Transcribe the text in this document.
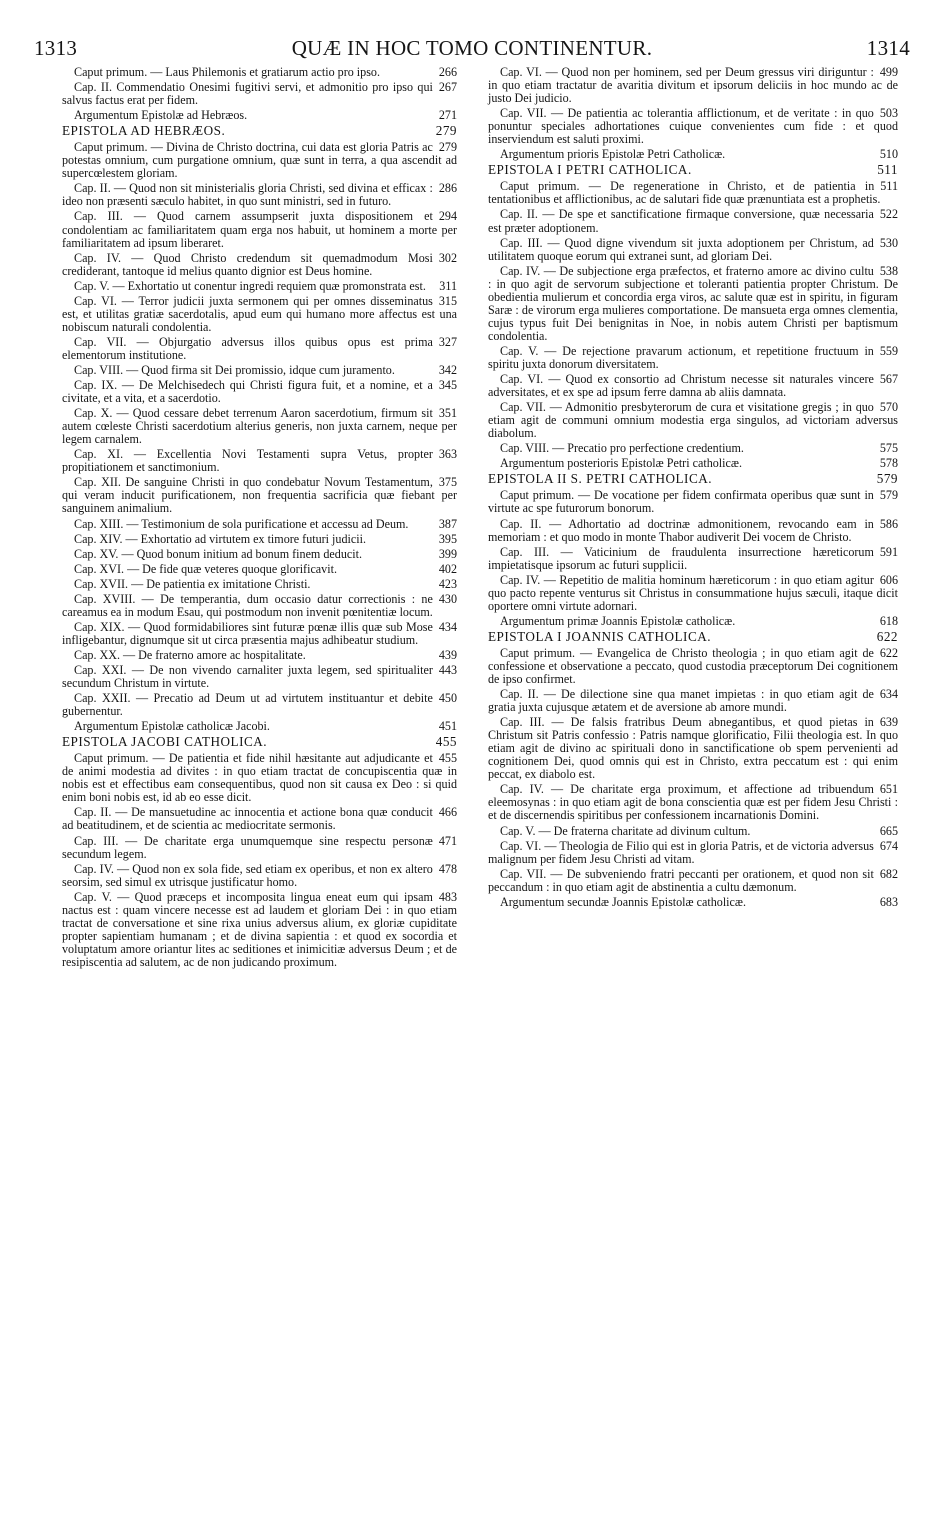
1313	QUÆ IN HOC TOMO CONTINENTUR.	1314
266
Caput primum. — Laus Philemonis et gratiarum actio pro ipso.
267
Cap. II. Commendatio Onesimi fugitivi servi, et admonitio pro ipso qui salvus factus erat per fidem.
271
Argumentum Epistolæ ad Hebræos.
279
EPISTOLA AD HEBRÆOS.
279
Caput primum. — Divina de Christo doctrina, cui data est gloria Patris ac potestas omnium, cum purgatione omnium, quæ sunt in terra, a qua ascendit ad supercœlestem gloriam.
286
Cap. II. — Quod non sit ministerialis gloria Christi, sed divina et efficax : ideo non præsenti sæculo habitet, in quo sunt ministri, sed in futuro.
294
Cap. III. — Quod carnem assumpserit juxta dispositionem et condolentiam ac familiaritatem quam erga nos habuit, ut hominem a morte per familiaritatem ad ipsum liberaret.
302
Cap. IV. — Quod Christo credendum sit quemadmodum Mosi crediderant, tantoque id melius quanto dignior est Deus homine.
311
Cap. V. — Exhortatio ut conentur ingredi requiem quæ promonstrata est.
315
Cap. VI. — Terror judicii juxta sermonem qui per omnes disseminatus est, et utilitas gratiæ sacerdotalis, apud eum qui humano more affectus est una nobiscum naturali condolentia.
327
Cap. VII. — Objurgatio adversus illos quibus opus est prima elementorum institutione.
342
Cap. VIII. — Quod firma sit Dei promissio, idque cum juramento.
345
Cap. IX. — De Melchisedech qui Christi figura fuit, et a nomine, et a civitate, et a vita, et a sacerdotio.
351
Cap. X. — Quod cessare debet terrenum Aaron sacerdotium, firmum sit autem cœleste Christi sacerdotium alterius generis, non juxta carnem, neque per legem carnalem.
363
Cap. XI. — Excellentia Novi Testamenti supra Vetus, propter propitiationem et sanctimonium.
375
Cap. XII. De sanguine Christi in quo condebatur Novum Testamentum, qui veram inducit purificationem, non frequentia sacrificia quæ fiebant per sanguinem animalium.
387
Cap. XIII. — Testimonium de sola purificatione et accessu ad Deum.
395
Cap. XIV. — Exhortatio ad virtutem ex timore futuri judicii.
399
Cap. XV. — Quod bonum initium ad bonum finem deducit.
402
Cap. XVI. — De fide quæ veteres quoque glorificavit.
423
Cap. XVII. — De patientia ex imitatione Christi.
430
Cap. XVIII. — De temperantia, dum occasio datur correctionis : ne careamus ea in modum Esau, qui postmodum non invenit pœnitentiæ locum.
434
Cap. XIX. — Quod formidabiliores sint futuræ pœnæ illis quæ sub Mose infligebantur, dignumque sit ut circa præsentia majus adhibeatur studium.
439
Cap. XX. — De fraterno amore ac hospitalitate.
443
Cap. XXI. — De non vivendo carnaliter juxta legem, sed spiritualiter secundum Christum in virtute.
450
Cap. XXII. — Precatio ad Deum ut ad virtutem instituantur et debite gubernentur.
451
Argumentum Epistolæ catholicæ Jacobi.
455
EPISTOLA JACOBI CATHOLICA.
455
Caput primum. — De patientia et fide nihil hæsitante aut adjudicante et de animi modestia ad divites : in quo etiam tractat de concupiscentia quæ in nobis est et effectibus eam consequentibus, quod non sit causa ex Deo : si quid enim boni nobis est, id ab eo esse dicit.
466
Cap. II. — De mansuetudine ac innocentia et actione bona quæ conducit ad beatitudinem, et de scientia ac mediocritate sermonis.
471
Cap. III. — De charitate erga unumquemque sine respectu personæ secundum legem.
478
Cap. IV. — Quod non ex sola fide, sed etiam ex operibus, et non ex altero seorsim, sed simul ex utrisque justificatur homo.
483
Cap. V. — Quod præceps et incomposita lingua eneat eum qui ipsam nactus est : quam vincere necesse est ad laudem et gloriam Dei : in quo etiam tractat de conversatione et sine rixa unius adversus alium, ex gloriæ cupiditate propter sapientiam humanam ; et de divina sapientia : et quod ex socordia et voluptatum amore oriantur lites ac seditiones et inimicitiæ adversus Deum ; et de resipiscentia ad salutem, ac de non judicando proximum.
499
Cap. VI. — Quod non per hominem, sed per Deum gressus viri diriguntur : in quo etiam tractatur de avaritia divitum et ipsorum deliciis in hoc mundo ac de justo Dei judicio.
503
Cap. VII. — De patientia ac tolerantia afflictionum, et de veritate : in quo ponuntur speciales adhortationes cuique convenientes cum fide : et quod inserviendum est saluti proximi.
510
Argumentum prioris Epistolæ Petri Catholicæ.
511
EPISTOLA I PETRI CATHOLICA.
511
Caput primum. — De regeneratione in Christo, et de patientia in tentationibus et afflictionibus, ac de salutari fide quæ prænuntiata est a prophetis.
522
Cap. II. — De spe et sanctificatione firmaque conversione, quæ necessaria est præter adoptionem.
530
Cap. III. — Quod digne vivendum sit juxta adoptionem per Christum, ad utilitatem quoque eorum qui extranei sunt, ad gloriam Dei.
538
Cap. IV. — De subjectione erga præfectos, et fraterno amore ac divino cultu : in quo agit de servorum subjectione et toleranti patientia propter Christum. De obedientia mulierum et concordia erga viros, ac salute quæ est in spiritu, in figuram Saræ : de virorum erga mulieres comportatione. De mansueta erga omnes clementia, cujus typus fuit Dei benignitas in Noe, in nobis autem Christi per baptismum condolentia.
559
Cap. V. — De rejectione pravarum actionum, et repetitione fructuum in spiritu juxta donorum diversitatem.
567
Cap. VI. — Quod ex consortio ad Christum necesse sit naturales vincere adversitates, et ex spe ad ipsum ferre damna ab aliis damnata.
570
Cap. VII. — Admonitio presbyterorum de cura et visitatione gregis ; in quo etiam agit de communi omnium modestia erga singulos, ad victoriam adversus diabolum.
575
Cap. VIII. — Precatio pro perfectione credentium.
578
Argumentum posterioris Epistolæ Petri catholicæ.
579
EPISTOLA II S. PETRI CATHOLICA.
579
Caput primum. — De vocatione per fidem confirmata operibus quæ sunt in virtute ac spe futurorum bonorum.
586
Cap. II. — Adhortatio ad doctrinæ admonitionem, revocando eam in memoriam : et quo modo in monte Thabor audiverit Dei vocem de Christo.
591
Cap. III. — Vaticinium de fraudulenta insurrectione hæreticorum impietatisque ipsorum ac futuri supplicii.
606
Cap. IV. — Repetitio de malitia hominum hæreticorum : in quo etiam agitur quo pacto repente venturus sit Christus in consummatione hujus sæculi, itaque dicit oportere omni virtute adornari.
618
Argumentum primæ Joannis Epistolæ catholicæ.
622
EPISTOLA I JOANNIS CATHOLICA.
622
Caput primum. — Evangelica de Christo theologia ; in quo etiam agit de confessione et observatione a peccato, quod custodia præceptorum Dei cognitionem de ipso confirmet.
634
Cap. II. — De dilectione sine qua manet impietas : in quo etiam agit de gratia juxta cujusque ætatem et de aversione ab amore mundi.
639
Cap. III. — De falsis fratribus Deum abnegantibus, et quod pietas in Christum sit Patris confessio : Patris namque glorificatio, Filii theologia est. In quo etiam agit de divino ac spirituali dono in sanctificatione ob spem pervenienti ad cognitionem Dei, quod omnis qui est in Christo, extra peccatum est : qui enim peccat, ex diabolo est.
651
Cap. IV. — De charitate erga proximum, et affectione ad tribuendum eleemosynas : in quo etiam agit de bona conscientia quæ est per fidem Jesu Christi : et de discernendis spiritibus per confessionem incarnationis Domini.
665
Cap. V. — De fraterna charitate ad divinum cultum.
674
Cap. VI. — Theologia de Filio qui est in gloria Patris, et de victoria adversus malignum per fidem Jesu Christi ad vitam.
682
Cap. VII. — De subveniendo fratri peccanti per orationem, et quod non sit peccandum : in quo etiam agit de abstinentia a cultu dæmonum.
683
Argumentum secundæ Joannis Epistolæ catholicæ.
